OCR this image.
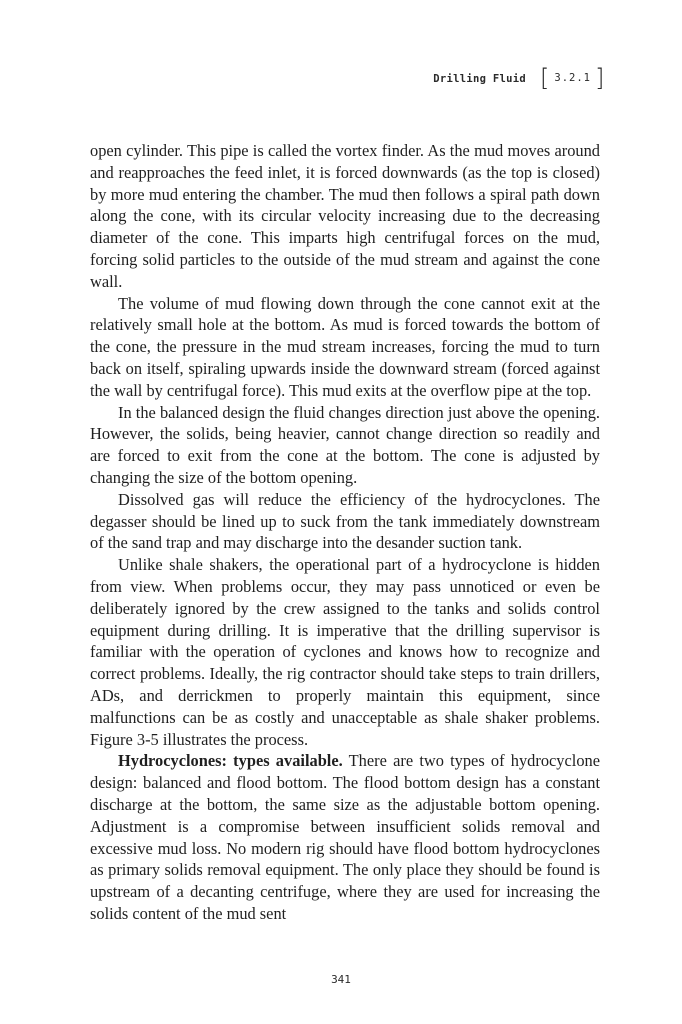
Drilling Fluid [ 3.2.1 ]

open cylinder. This pipe is called the vortex finder. As the mud moves around and reapproaches the feed inlet, it is forced downwards (as the top is closed) by more mud entering the chamber. The mud then follows a spiral path down along the cone, with its circular velocity increasing due to the decreasing diameter of the cone. This imparts high centrifugal forces on the mud, forcing solid particles to the outside of the mud stream and against the cone wall.

The volume of mud flowing down through the cone cannot exit at the relatively small hole at the bottom. As mud is forced towards the bottom of the cone, the pressure in the mud stream increases, forcing the mud to turn back on itself, spiraling upwards inside the downward stream (forced against the wall by centrifugal force). This mud exits at the overflow pipe at the top.

In the balanced design the fluid changes direction just above the opening. However, the solids, being heavier, cannot change direction so readily and are forced to exit from the cone at the bottom. The cone is adjusted by changing the size of the bottom opening.

Dissolved gas will reduce the efficiency of the hydrocyclones. The degasser should be lined up to suck from the tank immediately downstream of the sand trap and may discharge into the desander suction tank.

Unlike shale shakers, the operational part of a hydrocyclone is hidden from view. When problems occur, they may pass unnoticed or even be deliberately ignored by the crew assigned to the tanks and solids control equipment during drilling. It is imperative that the drilling supervisor is familiar with the operation of cyclones and knows how to recognize and correct problems. Ideally, the rig contractor should take steps to train drillers, ADs, and derrickmen to properly maintain this equipment, since malfunctions can be as costly and unacceptable as shale shaker problems. Figure 3-5 illustrates the process.

Hydrocyclones: types available. There are two types of hydrocyclone design: balanced and flood bottom. The flood bottom design has a constant discharge at the bottom, the same size as the adjustable bottom opening. Adjustment is a compromise between insufficient solids removal and excessive mud loss. No modern rig should have flood bottom hydrocyclones as primary solids removal equipment. The only place they should be found is upstream of a decanting centrifuge, where they are used for increasing the solids content of the mud sent

341
